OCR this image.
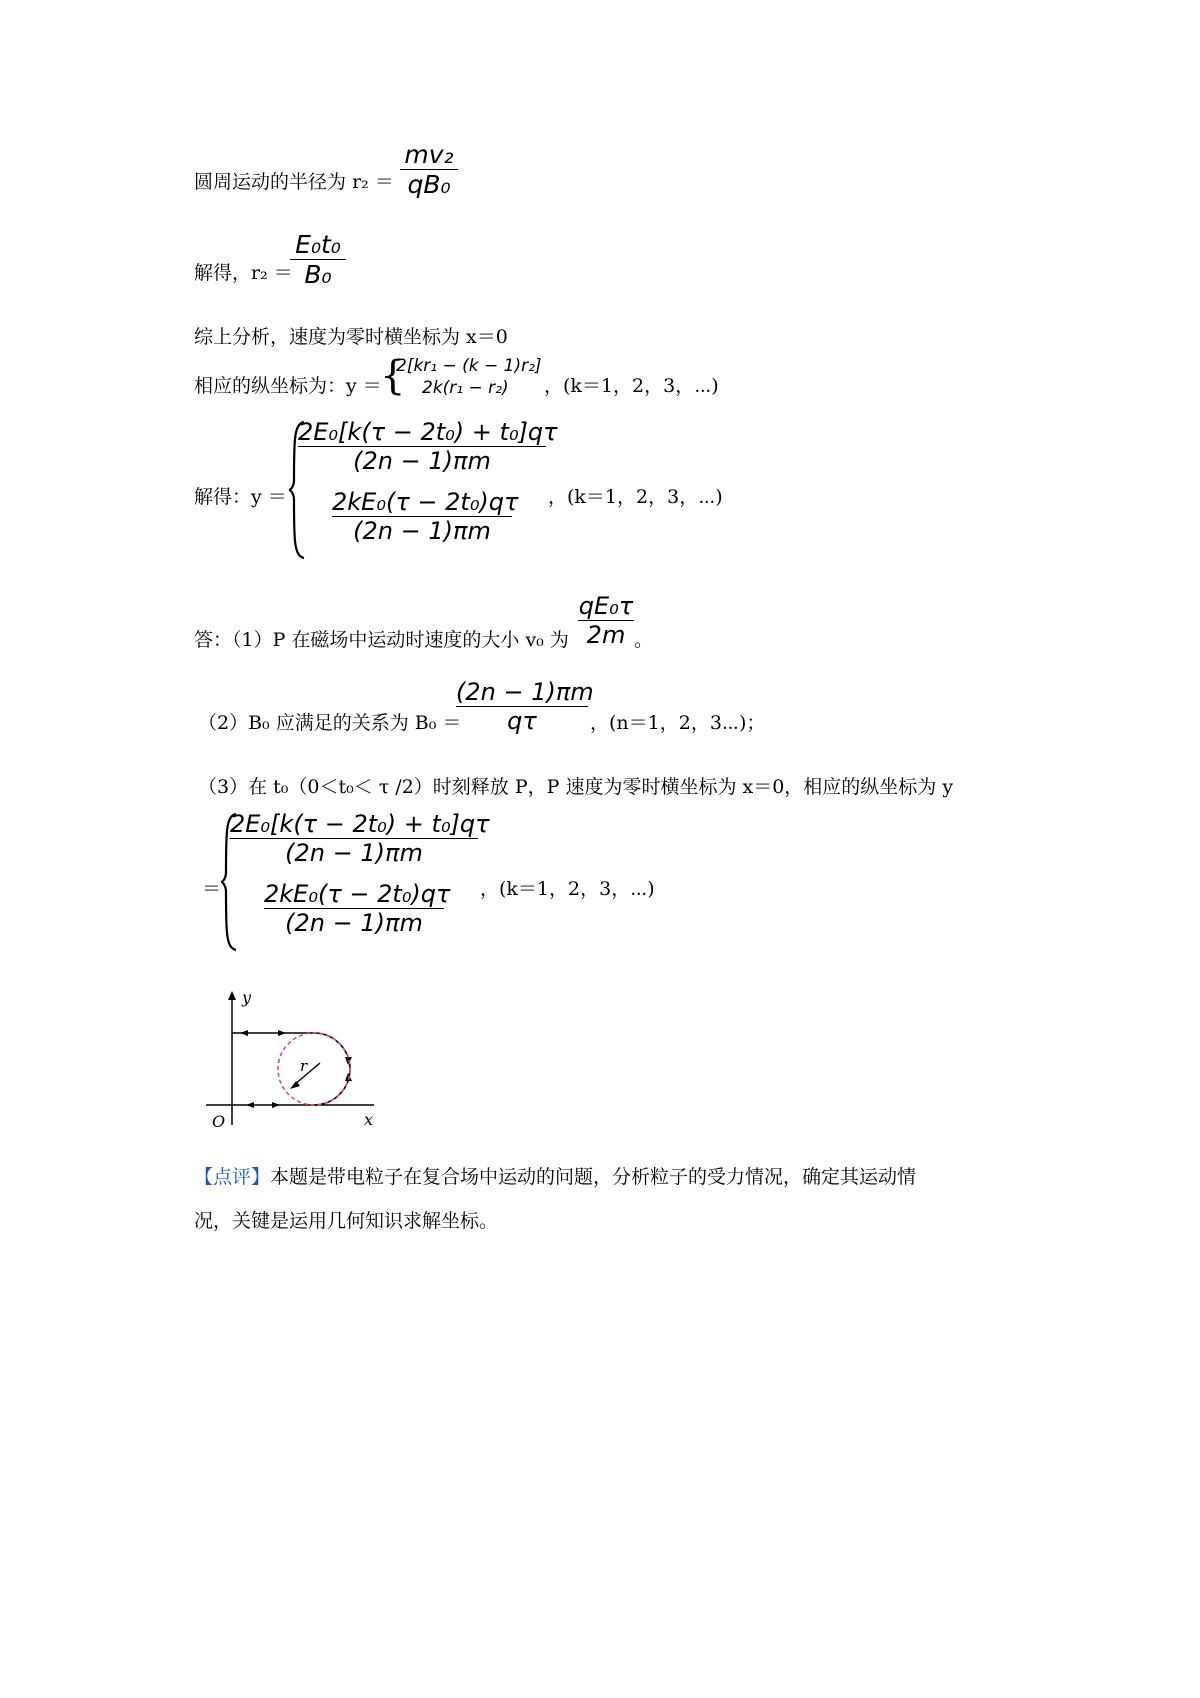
圆周运动的半径为 r₂ ＝
mv₂
qB₀
解得，r₂ ＝
E₀t₀
B₀
综上分析，速度为零时横坐标为 x＝0
相应的纵坐标为：y ＝
{
2[kr₁ − (k − 1)r₂]
2k(r₁ − r₂) ，(k＝1，2，3，⋯)
解得：y ＝
2E₀[k(τ − 2t₀) + t₀]qτ
(2n − 1)πm
2kE₀(τ − 2t₀)qτ
(2n − 1)πm
，(k＝1，2，3，⋯)
答：（1）P 在磁场中运动时速度的大小 v₀ 为
qE₀τ
2m 。
（2）B₀ 应满足的关系为 B₀ ＝
(2n − 1)πm
qτ	，(n＝1，2，3⋯)；
（3）在 t₀（0＜t₀＜ τ /2）时刻释放 P，P 速度为零时横坐标为 x＝0，相应的纵坐标为 y
＝
2E₀[k(τ − 2t₀) + t₀]qτ
(2n − 1)πm
2kE₀(τ − 2t₀)qτ
(2n − 1)πm
，(k＝1，2，3，⋯)
r
y
x
O
【点评】本题是带电粒子在复合场中运动的问题，分析粒子的受力情况，确定其运动情
况，关键是运用几何知识求解坐标。
